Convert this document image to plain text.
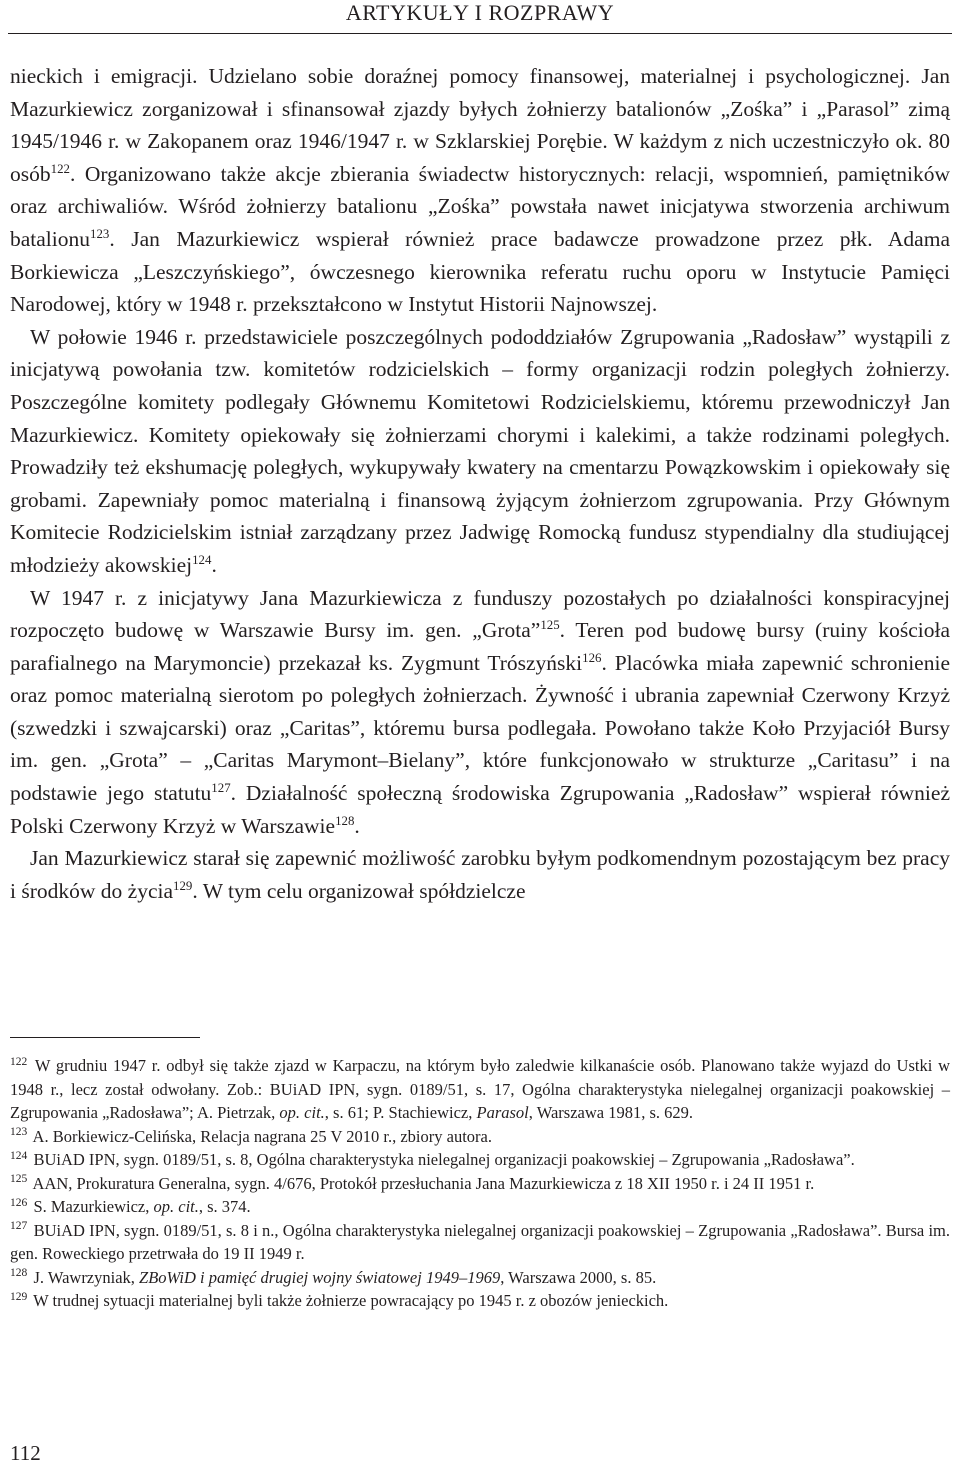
ARTYKUŁY I ROZPRAWY

nieckich i emigracji. Udzielano sobie doraźnej pomocy finansowej, materialnej i psychologicznej. Jan Mazurkiewicz zorganizował i sfinansował zjazdy byłych żołnierzy batalionów „Zośka” i „Parasol” zimą 1945/1946 r. w Zakopanem oraz 1946/1947 r. w Szklarskiej Porębie. W każdym z nich uczestniczyło ok. 80 osób$^{122}$. Organizowano także akcje zbierania świadectw historycznych: relacji, wspomnień, pamiętników oraz archiwaliów. Wśród żołnierzy batalionu „Zośka” powstała nawet inicjatywa stworzenia archiwum batalionu$^{123}$. Jan Mazurkiewicz wspierał również prace badawcze prowadzone przez płk. Adama Borkiewicza „Leszczyńskiego”, ówczesnego kierownika referatu ruchu oporu w Instytucie Pamięci Narodowej, który w 1948 r. przekształcono w Instytut Historii Najnowszej.

W połowie 1946 r. przedstawiciele poszczególnych pododdziałów Zgrupowania „Radosław” wystąpili z inicjatywą powołania tzw. komitetów rodzicielskich – formy organizacji rodzin poległych żołnierzy. Poszczególne komitety podlegały Głównemu Komitetowi Rodzicielskiemu, któremu przewodniczył Jan Mazurkiewicz. Komitety opiekowały się żołnierzami chorymi i kalekimi, a także rodzinami poległych. Prowadziły też ekshumację poległych, wykupywały kwatery na cmentarzu Powązkowskim i opiekowały się grobami. Zapewniały pomoc materialną i finansową żyjącym żołnierzom zgrupowania. Przy Głównym Komitecie Rodzicielskim istniał zarządzany przez Jadwigę Romocką fundusz stypendialny dla studiującej młodzieży akowskiej$^{124}$.

W 1947 r. z inicjatywy Jana Mazurkiewicza z funduszy pozostałych po działalności konspiracyjnej rozpoczęto budowę w Warszawie Bursy im. gen. „Grota”$^{125}$. Teren pod budowę bursy (ruiny kościoła parafialnego na Marymoncie) przekazał ks. Zygmunt Trószyński$^{126}$. Placówka miała zapewnić schronienie oraz pomoc materialną sierotom po poległych żołnierzach. Żywność i ubrania zapewniał Czerwony Krzyż (szwedzki i szwajcarski) oraz „Caritas”, któremu bursa podlegała. Powołano także Koło Przyjaciół Bursy im. gen. „Grota” – „Caritas Marymont–Bielany”, które funkcjonowało w strukturze „Caritasu” i na podstawie jego statutu$^{127}$. Działalność społeczną środowiska Zgrupowania „Radosław” wspierał również Polski Czerwony Krzyż w Warszawie$^{128}$.

Jan Mazurkiewicz starał się zapewnić możliwość zarobku byłym podkomendnym pozostającym bez pracy i środków do życia$^{129}$. W tym celu organizował spółdzielcze

$^{122}$ W grudniu 1947 r. odbył się także zjazd w Karpaczu, na którym było zaledwie kilkanaście osób. Planowano także wyjazd do Ustki w 1948 r., lecz został odwołany. Zob.: BUiAD IPN, sygn. 0189/51, s. 17, Ogólna charakterystyka nielegalnej organizacji poakowskiej – Zgrupowania „Radosława”; A. Pietrzak, op. cit., s. 61; P. Stachiewicz, Parasol, Warszawa 1981, s. 629.

$^{123}$ A. Borkiewicz-Celińska, Relacja nagrana 25 V 2010 r., zbiory autora.

$^{124}$ BUiAD IPN, sygn. 0189/51, s. 8, Ogólna charakterystyka nielegalnej organizacji poakowskiej – Zgrupowania „Radosława”.

$^{125}$ AAN, Prokuratura Generalna, sygn. 4/676, Protokół przesłuchania Jana Mazurkiewicza z 18 XII 1950 r. i 24 II 1951 r.

$^{126}$ S. Mazurkiewicz, op. cit., s. 374.

$^{127}$ BUiAD IPN, sygn. 0189/51, s. 8 i n., Ogólna charakterystyka nielegalnej organizacji poakowskiej – Zgrupowania „Radosława”. Bursa im. gen. Roweckiego przetrwała do 19 II 1949 r.

$^{128}$ J. Wawrzyniak, ZBoWiD i pamięć drugiej wojny światowej 1949–1969, Warszawa 2000, s. 85.

$^{129}$ W trudnej sytuacji materialnej byli także żołnierze powracający po 1945 r. z obozów jenieckich.

112
